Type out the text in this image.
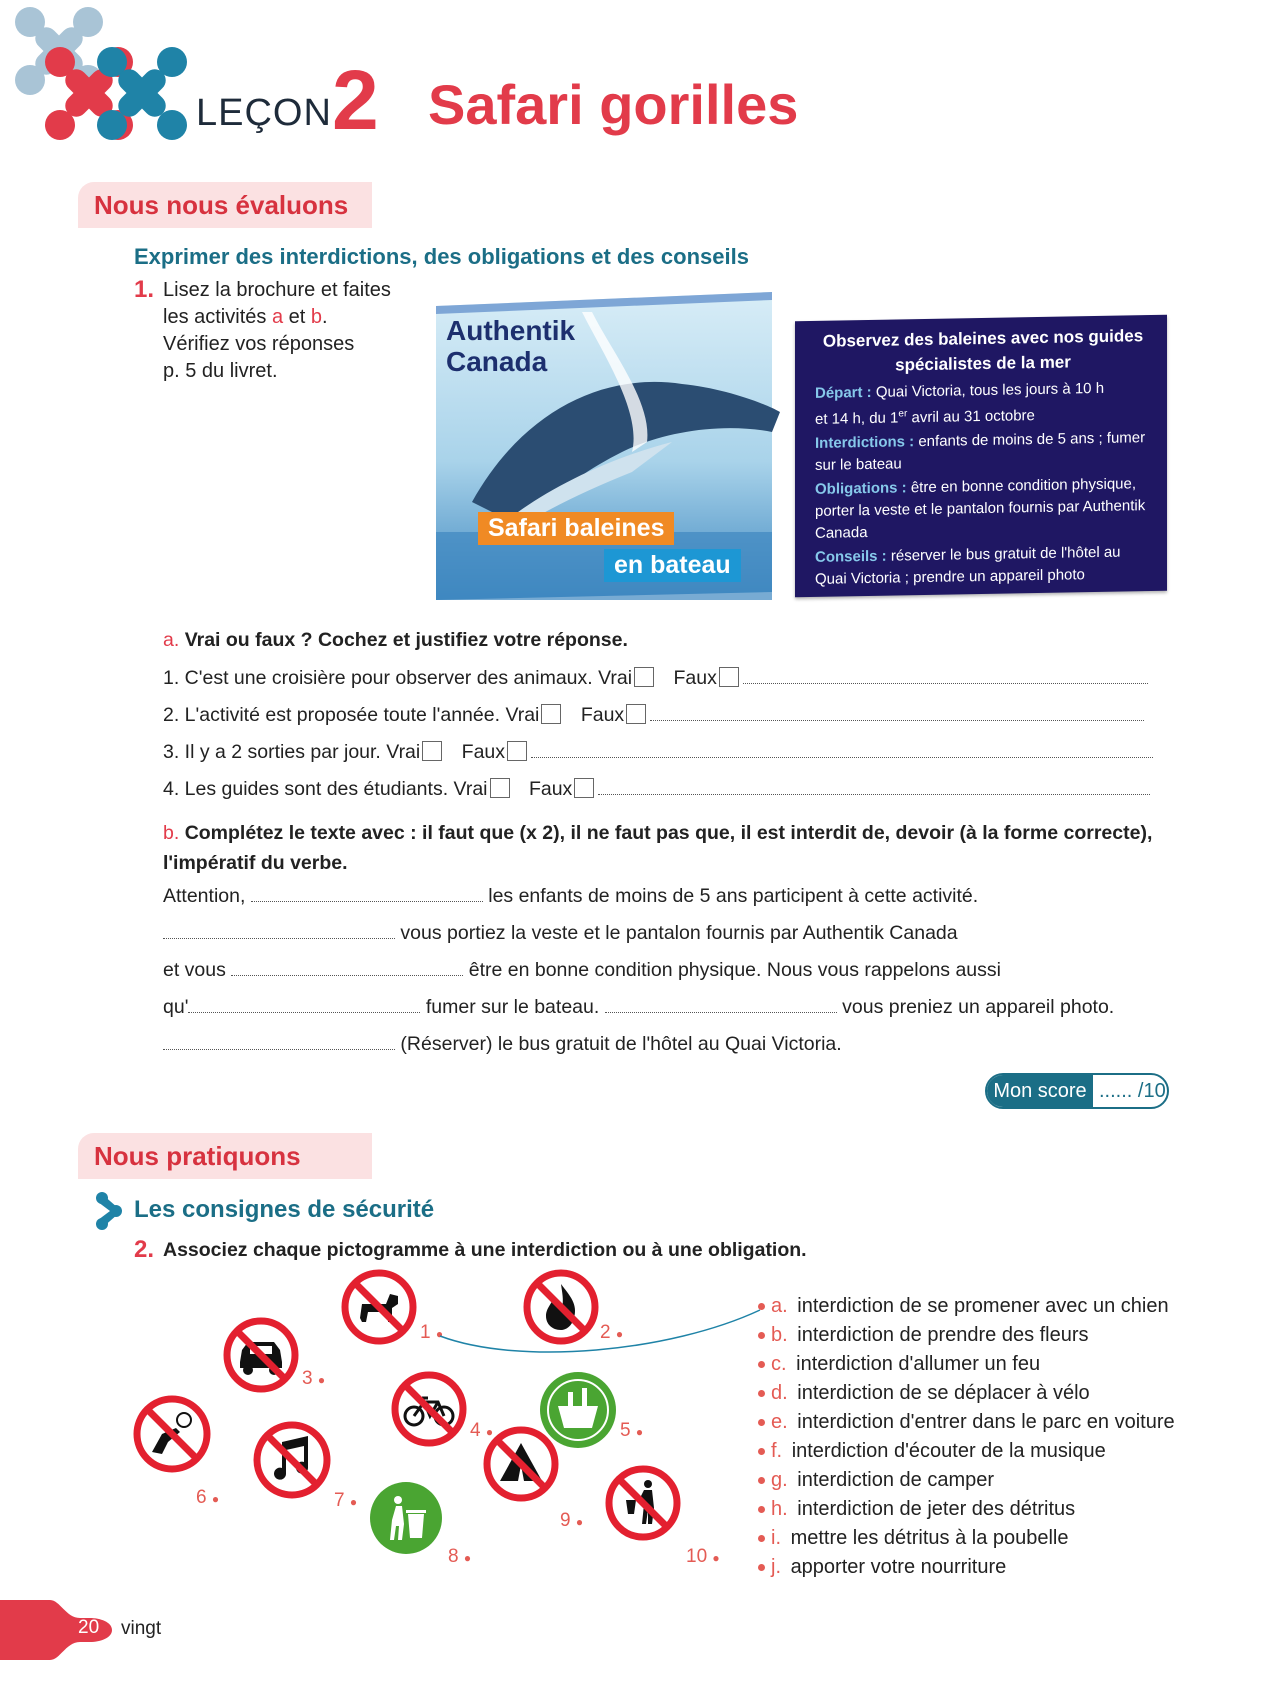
LEÇON 2 Safari gorilles
Nous nous évaluons
Exprimer des interdictions, des obligations et des conseils
1. Lisez la brochure et faites
les activités a et b.
Vérifiez vos réponses
p. 5 du livret.
Authentik
Canada
Safari baleines
en bateau
Observez des baleines avec nos guides spécialistes de la mer
Départ : Quai Victoria, tous les jours à 10 h
et 14 h, du 1er avril au 31 octobre
Interdictions : enfants de moins de 5 ans ; fumer sur le bateau
Obligations : être en bonne condition physique, porter la veste et le pantalon fournis par Authentik Canada
Conseils : réserver le bus gratuit de l'hôtel au Quai Victoria ; prendre un appareil photo
a. Vrai ou faux ? Cochez et justifiez votre réponse.
1. C'est une croisière pour observer des animaux. Vrai Faux
2. L'activité est proposée toute l'année. Vrai Faux
3. Il y a 2 sorties par jour. Vrai Faux
4. Les guides sont des étudiants. Vrai Faux
b. Complétez le texte avec : il faut que (x 2), il ne faut pas que, il est interdit de, devoir (à la forme correcte),
l'impératif du verbe.
Attention,	les enfants de moins de 5 ans participent à cette activité.
vous portiez la veste et le pantalon fournis par Authentik Canada
et vous	être en bonne condition physique. Nous vous rappelons aussi
qu'	fumer sur le bateau.	vous preniez un appareil photo.
(Réserver) le bus gratuit de l'hôtel au Quai Victoria.
Mon score ...... /10
Nous pratiquons
Les consignes de sécurité
2. Associez chaque pictogramme à une interdiction ou à une obligation.
1 ●	2 ●
3 ●
4 ●	5 ●
6 ●	7 ●
8 ●
9 ●
10 ●
a. interdiction de se promener avec un chien
b. interdiction de prendre des fleurs
c. interdiction d'allumer un feu
d. interdiction de se déplacer à vélo
e. interdiction d'entrer dans le parc en voiture
f. interdiction d'écouter de la musique
g. interdiction de camper
h. interdiction de jeter des détritus
i. mettre les détritus à la poubelle
j. apporter votre nourriture
20 vingt
